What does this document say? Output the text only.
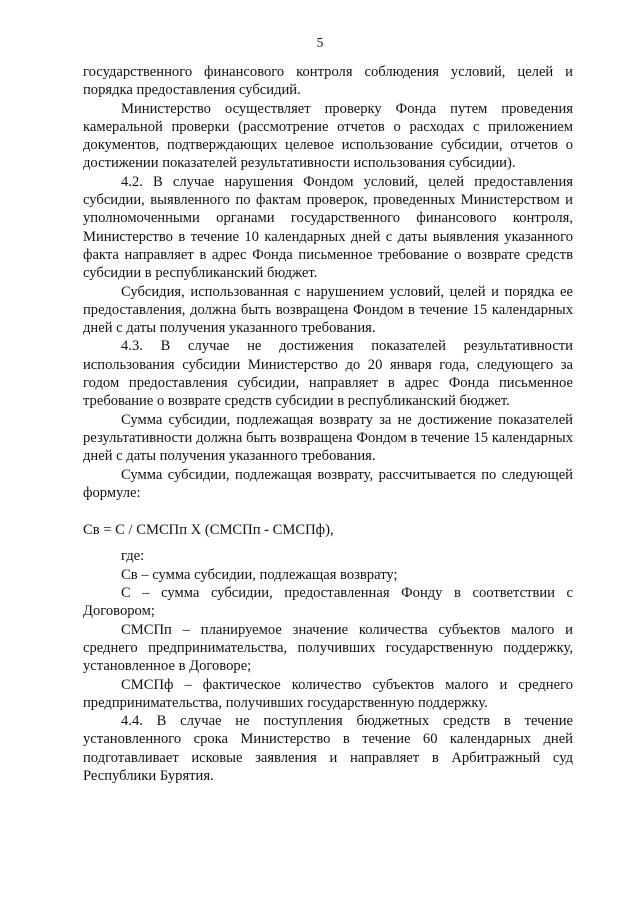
5

государственного финансового контроля соблюдения условий, целей и порядка предоставления субсидий.

Министерство осуществляет проверку Фонда путем проведения камеральной проверки (рассмотрение отчетов о расходах с приложением документов, подтверждающих целевое использование субсидии, отчетов о достижении показателей результативности использования субсидии).

4.2. В случае нарушения Фондом условий, целей предоставления субсидии, выявленного по фактам проверок, проведенных Министерством и уполномоченными органами государственного финансового контроля, Министерство в течение 10 календарных дней с даты выявления указанного факта направляет в адрес Фонда письменное требование о возврате средств субсидии в республиканский бюджет.

Субсидия, использованная с нарушением условий, целей и порядка ее предоставления, должна быть возвращена Фондом в течение 15 календарных дней с даты получения указанного требования.

4.3. В случае не достижения показателей результативности использования субсидии Министерство до 20 января года, следующего за годом предоставления субсидии, направляет в адрес Фонда письменное требование о возврате средств субсидии в республиканский бюджет.

Сумма субсидии, подлежащая возврату за не достижение показателей результативности должна быть возвращена Фондом в течение 15 календарных дней с даты получения указанного требования.

Сумма субсидии, подлежащая возврату, рассчитывается по следующей формуле:

Св = С / СМСПп X (СМСПп - СМСПф),

где:

Св – сумма субсидии, подлежащая возврату;

С – сумма субсидии, предоставленная Фонду в соответствии с Договором;

СМСПп – планируемое значение количества субъектов малого и среднего предпринимательства, получивших государственную поддержку, установленное в Договоре;

СМСПф – фактическое количество субъектов малого и среднего предпринимательства, получивших государственную поддержку.

4.4. В случае не поступления бюджетных средств в течение установленного срока Министерство в течение 60 календарных дней подготавливает исковые заявления и направляет в Арбитражный суд Республики Бурятия.
